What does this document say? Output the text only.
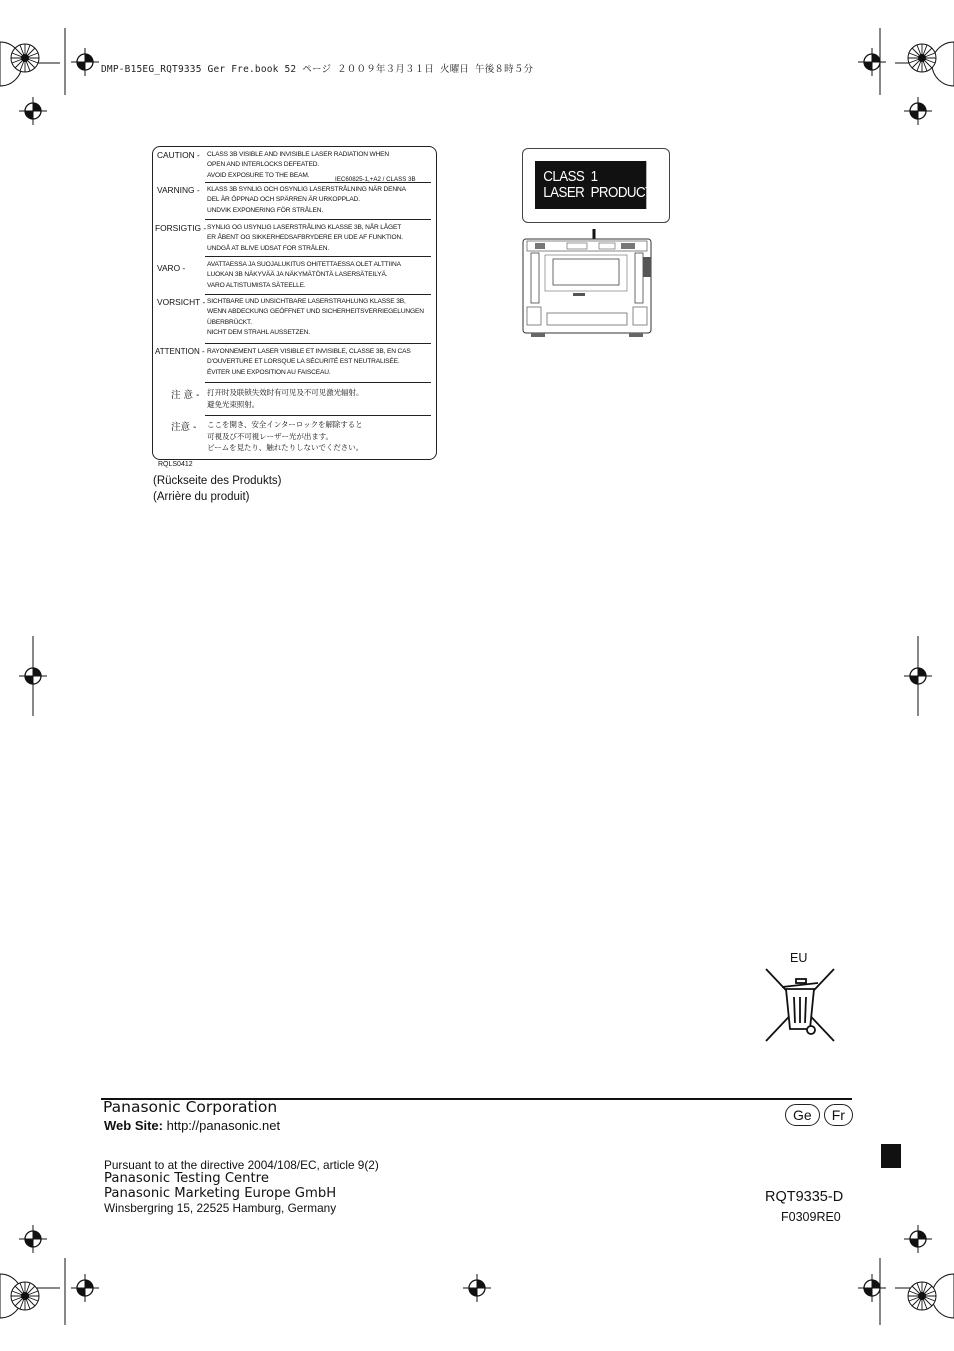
DMP-B15EG_RQT9335 Ger Fre.book 52 ページ ２００９年３月３１日 火曜日 午後８時５分
CAUTION - CLASS 3B VISIBLE AND INVISIBLE LASER RADIATION WHEN
OPEN AND INTERLOCKS DEFEATED.
AVOID EXPOSURE TO THE BEAM.
IEC60825-1,+A2 / CLASS 3B
VARNING - KLASS 3B SYNLIG OCH OSYNLIG LASERSTRÅLNING NÄR DENNA
DEL ÄR ÖPPNAD OCH SPÄRREN ÄR URKOPPLAD.
UNDVIK EXPONERING FÖR STRÅLEN.
FORSIGTIG - SYNLIG OG USYNLIG LASERSTRÅLING KLASSE 3B, NÅR LÅGET
ER ÅBENT OG SIKKERHEDSAFBRYDERE ER UDE AF FUNKTION.
UNDGÅ AT BLIVE UDSAT FOR STRÅLEN.
VARO -	AVATTAESSA JA SUOJALUKITUS OHITETTAESSA OLET ALTTIINA
LUOKAN 3B NÄKYVÄÄ JA NÄKYMÄTÖNTÄ LASERSÄTEILYÄ.
VARO ALTISTUMISTA SÄTEELLE.
VORSICHT - SICHTBARE UND UNSICHTBARE LASERSTRAHLUNG KLASSE 3B,
WENN ABDECKUNG GEÖFFNET UND SICHERHEITSVERRIEGELUNGEN
ÜBERBRÜCKT.
NICHT DEM STRAHL AUSSETZEN.
ATTENTION - RAYONNEMENT LASER VISIBLE ET INVISIBLE, CLASSE 3B, EN CAS
D'OUVERTURE ET LORSQUE LA SÉCURITÉ EST NEUTRALISÉE.
ÉVITER UNE EXPOSITION AU FAISCEAU.
注 意 - 打开时及联锁失效时有可见及不可见激光辐射。
避免光束照射。
注意 - ここを開き、安全インターロックを解除すると
可視及び不可視レーザー光が出ます。
ビームを見たり、触れたりしないでください。
RQLS0412
(Rückseite des Produkts)
(Arrière du produit)
CLASS  1
LASER  PRODUCT
EU
Panasonic Corporation
Web Site: http://panasonic.net
Ge	Fr
Pursuant to at the directive 2004/108/EC, article 9(2)
Panasonic Testing Centre
Panasonic Marketing Europe GmbH
Winsbergring 15, 22525 Hamburg, Germany
RQT9335-D
F0309RE0
